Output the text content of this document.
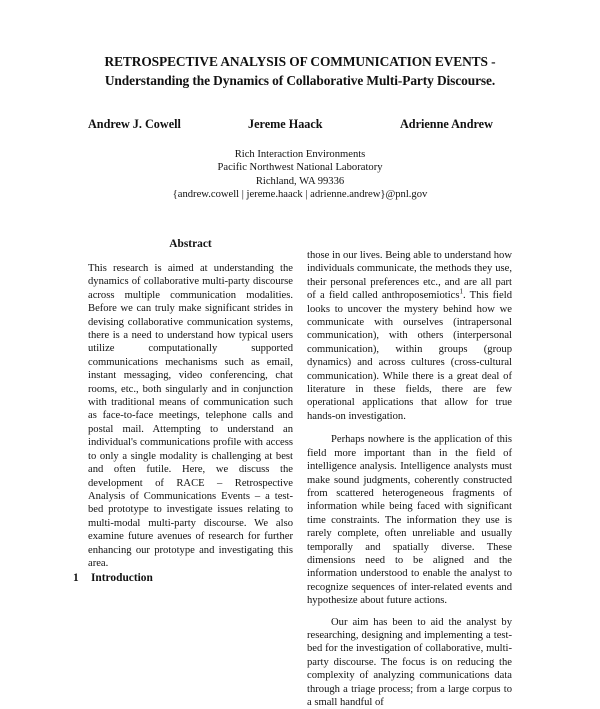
RETROSPECTIVE ANALYSIS OF COMMUNICATION EVENTS -
Understanding the Dynamics of Collaborative Multi-Party Discourse.
Andrew J. Cowell	Jereme Haack	Adrienne Andrew
Rich Interaction Environments
Pacific Northwest National Laboratory
Richland, WA 99336
{andrew.cowell | jereme.haack | adrienne.andrew}@pnl.gov
Abstract

This research is aimed at understanding the dynamics of collaborative multi-party discourse across multiple communication modalities. Before we can truly make significant strides in devising collaborative communication systems, there is a need to understand how typical users utilize computationally supported communications mechanisms such as email, instant messaging, video conferencing, chat rooms, etc., both singularly and in conjunction with traditional means of communication such as face-to-face meetings, telephone calls and postal mail. Attempting to understand an individual's communications profile with access to only a single modality is challenging at best and often futile. Here, we discuss the development of RACE – Retrospective Analysis of Communications Events – a test-bed prototype to investigate issues relating to multi-modal multi-party discourse. We also examine future avenues of research for further enhancing our prototype and investigating this area.

1 Introduction

those in our lives. Being able to understand how individuals communicate, the methods they use, their personal preferences etc., and are all part of a field called anthroposemiotics$^1$. This field looks to uncover the mystery behind how we communicate with ourselves (intrapersonal communication), with others (interpersonal communication), within groups (group dynamics) and across cultures (cross-cultural communication). While there is a great deal of literature in these fields, there are few operational applications that allow for true hands-on investigation.

Perhaps nowhere is the application of this field more important than in the field of intelligence analysis. Intelligence analysts must make sound judgments, coherently constructed from scattered heterogeneous fragments of information while being faced with significant time constraints. The information they use is rarely complete, often unreliable and usually temporally and spatially diverse. These dimensions need to be aligned and the information understood to enable the analyst to recognize sequences of inter-related events and hypothesize about future actions.

Our aim has been to aid the analyst by researching, designing and implementing a test-bed for the investigation of collaborative, multi-party discourse. The focus is on reducing the complexity of analyzing communications data through a triage process; from a large corpus to a small handful of
